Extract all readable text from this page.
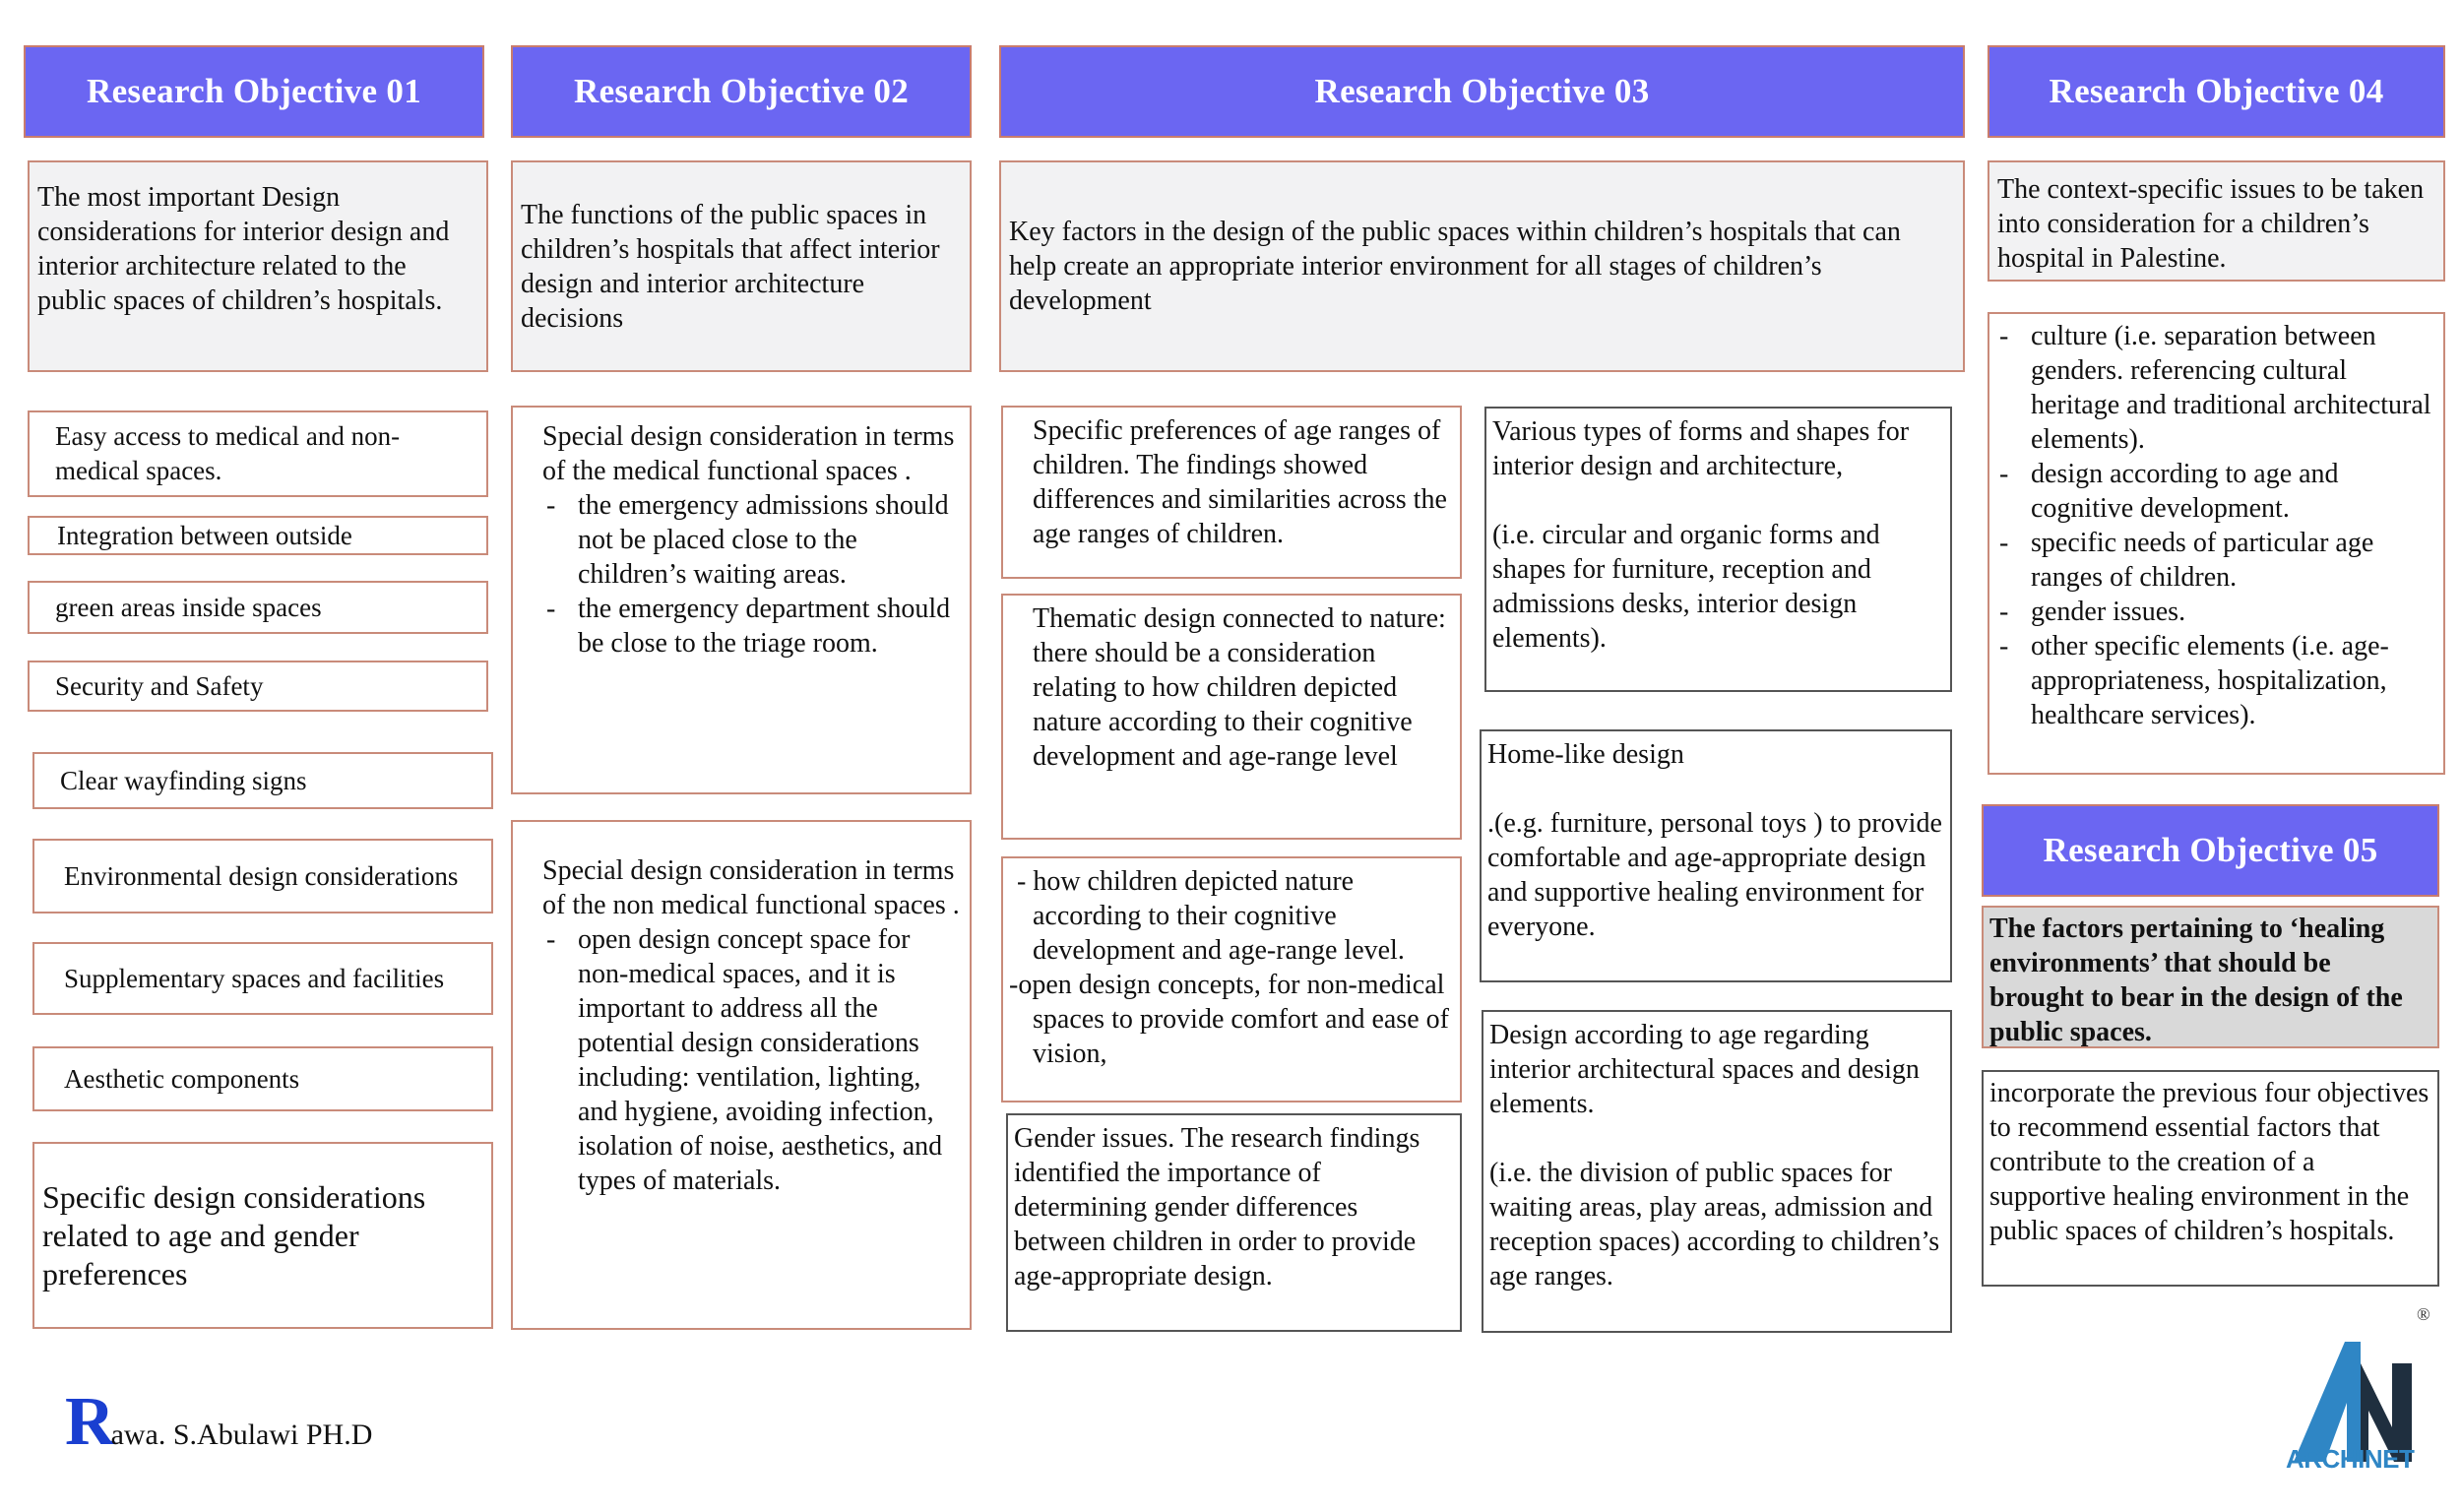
Research Objective 01
The most important Design considerations for interior design and interior architecture related to the public spaces of children’s hospitals.
Easy access to medical and non-medical spaces.
Integration between outside
green areas inside spaces
Security and Safety
Clear wayfinding signs
Environmental design considerations
Supplementary spaces and facilities
Aesthetic components
Specific design considerations related to age and gender preferences
Research Objective 02
The functions of the public spaces in children’s hospitals that affect interior design and interior architecture decisions

Special design consideration in terms of the medical functional spaces .

- the emergency admissions should not be placed close to the children’s waiting areas.
- the emergency department should be close to the triage room.

Special design consideration in terms of the non medical functional spaces .

- open design concept space for non-medical spaces, and it is important to address all the potential design considerations including: ventilation, lighting, and hygiene, avoiding infection, isolation of noise, aesthetics, and types of materials.
Research Objective 03
Key factors in the design of the public spaces within children’s hospitals that can help create an appropriate interior environment for all stages of children’s development
Specific preferences of age ranges of children. The findings showed differences and similarities across the age ranges of children.
Thematic design connected to nature: there should be a consideration relating to how children depicted nature according to their cognitive development and age-range level

- how children depicted nature according to their cognitive development and age-range level.

-open design concepts, for non-medical spaces to provide comfort and ease of vision,

Gender issues. The research findings identified the importance of determining gender differences between children in order to provide age-appropriate design.

Various types of forms and shapes for interior design and architecture,

(i.e. circular and organic forms and shapes for furniture, reception and admissions desks, interior design elements).

Home-like design

.(e.g. furniture, personal toys ) to provide comfortable and age-appropriate design and supportive healing environment for everyone.

Design according to age regarding interior architectural spaces and design elements.

(i.e. the division of public spaces for waiting areas, play areas, admission and reception spaces) according to children’s age ranges.

Research Objective 04
The context-specific issues to be taken into consideration for a children’s hospital in Palestine.
- culture (i.e. separation between genders. referencing cultural heritage and traditional architectural elements).
- design according to age and cognitive development.
- specific needs of particular age ranges of children.
- gender issues.
- other specific elements (i.e. age-appropriateness, hospitalization, healthcare services).
Research Objective 05
The factors pertaining to ‘healing environments’ that should be brought to bear in the design of the public spaces.
incorporate the previous four objectives to recommend essential factors that contribute to the creation of a supportive healing environment in the public spaces of children’s hospitals.
R awa. S.Abulawi PH.D
®
ARCHINET
